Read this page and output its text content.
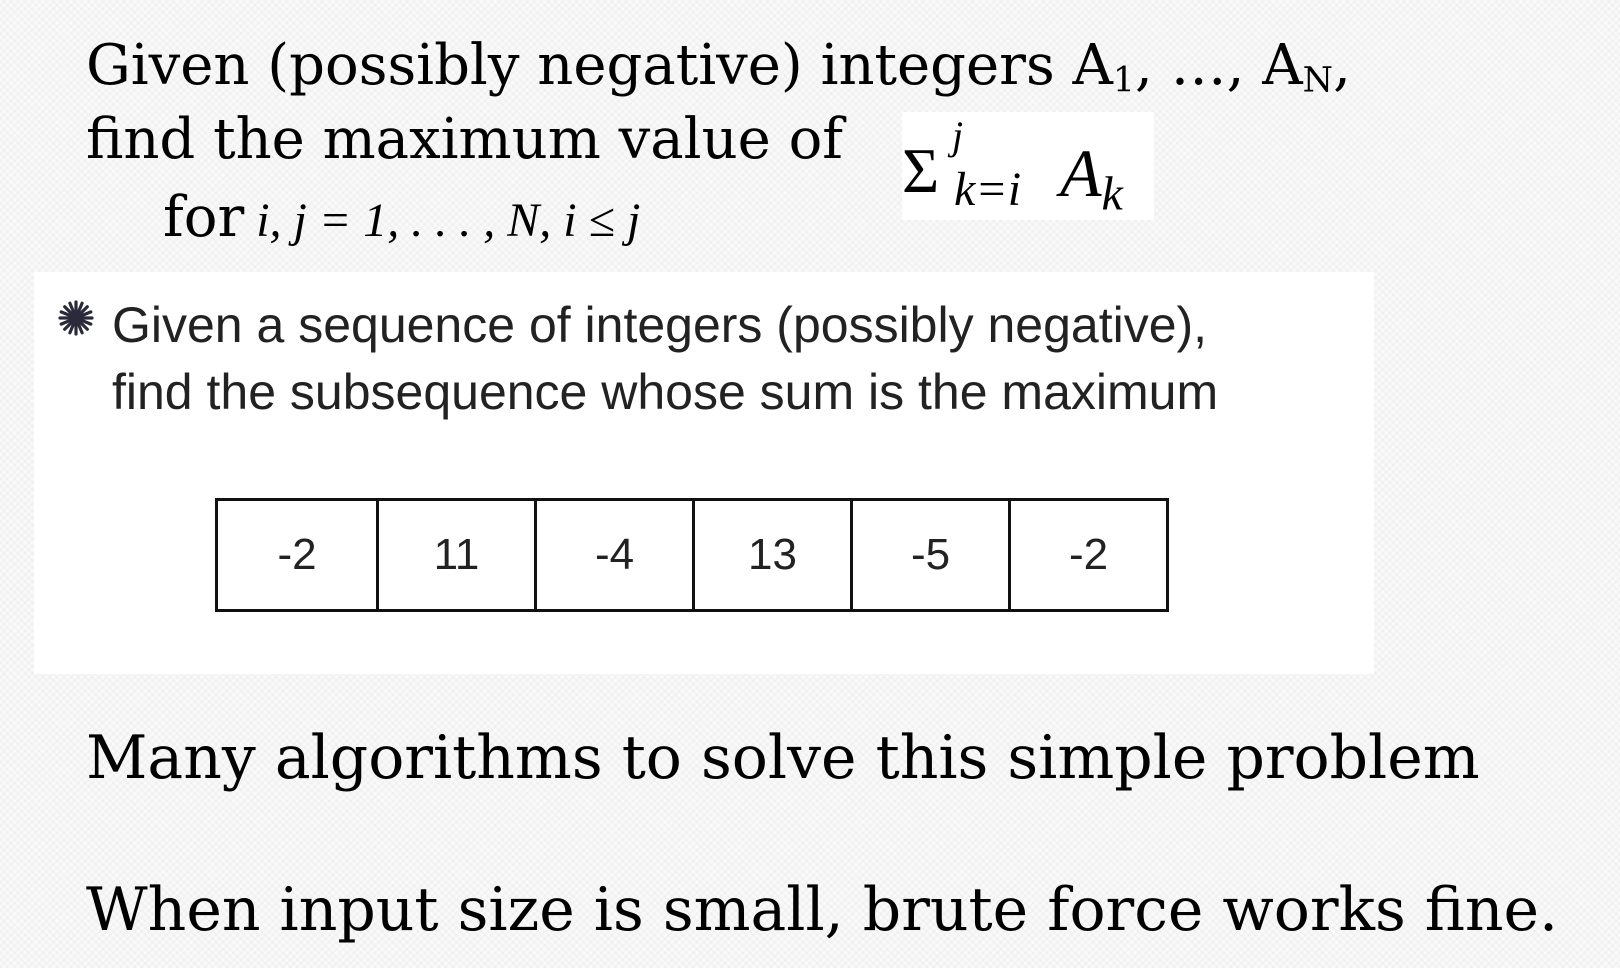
Given (possibly negative) integers $A_1$, …, $A_N$,
find the maximum value of Σ j
k=i $A_k$
for i, j = 1, . . . , N, i ≤ j
Given a sequence of integers (possibly negative),
find the subsequence whose sum is the maximum
-2	11	-4	13	-5	-2
Many algorithms to solve this simple problem
When input size is small, brute force works fine.
